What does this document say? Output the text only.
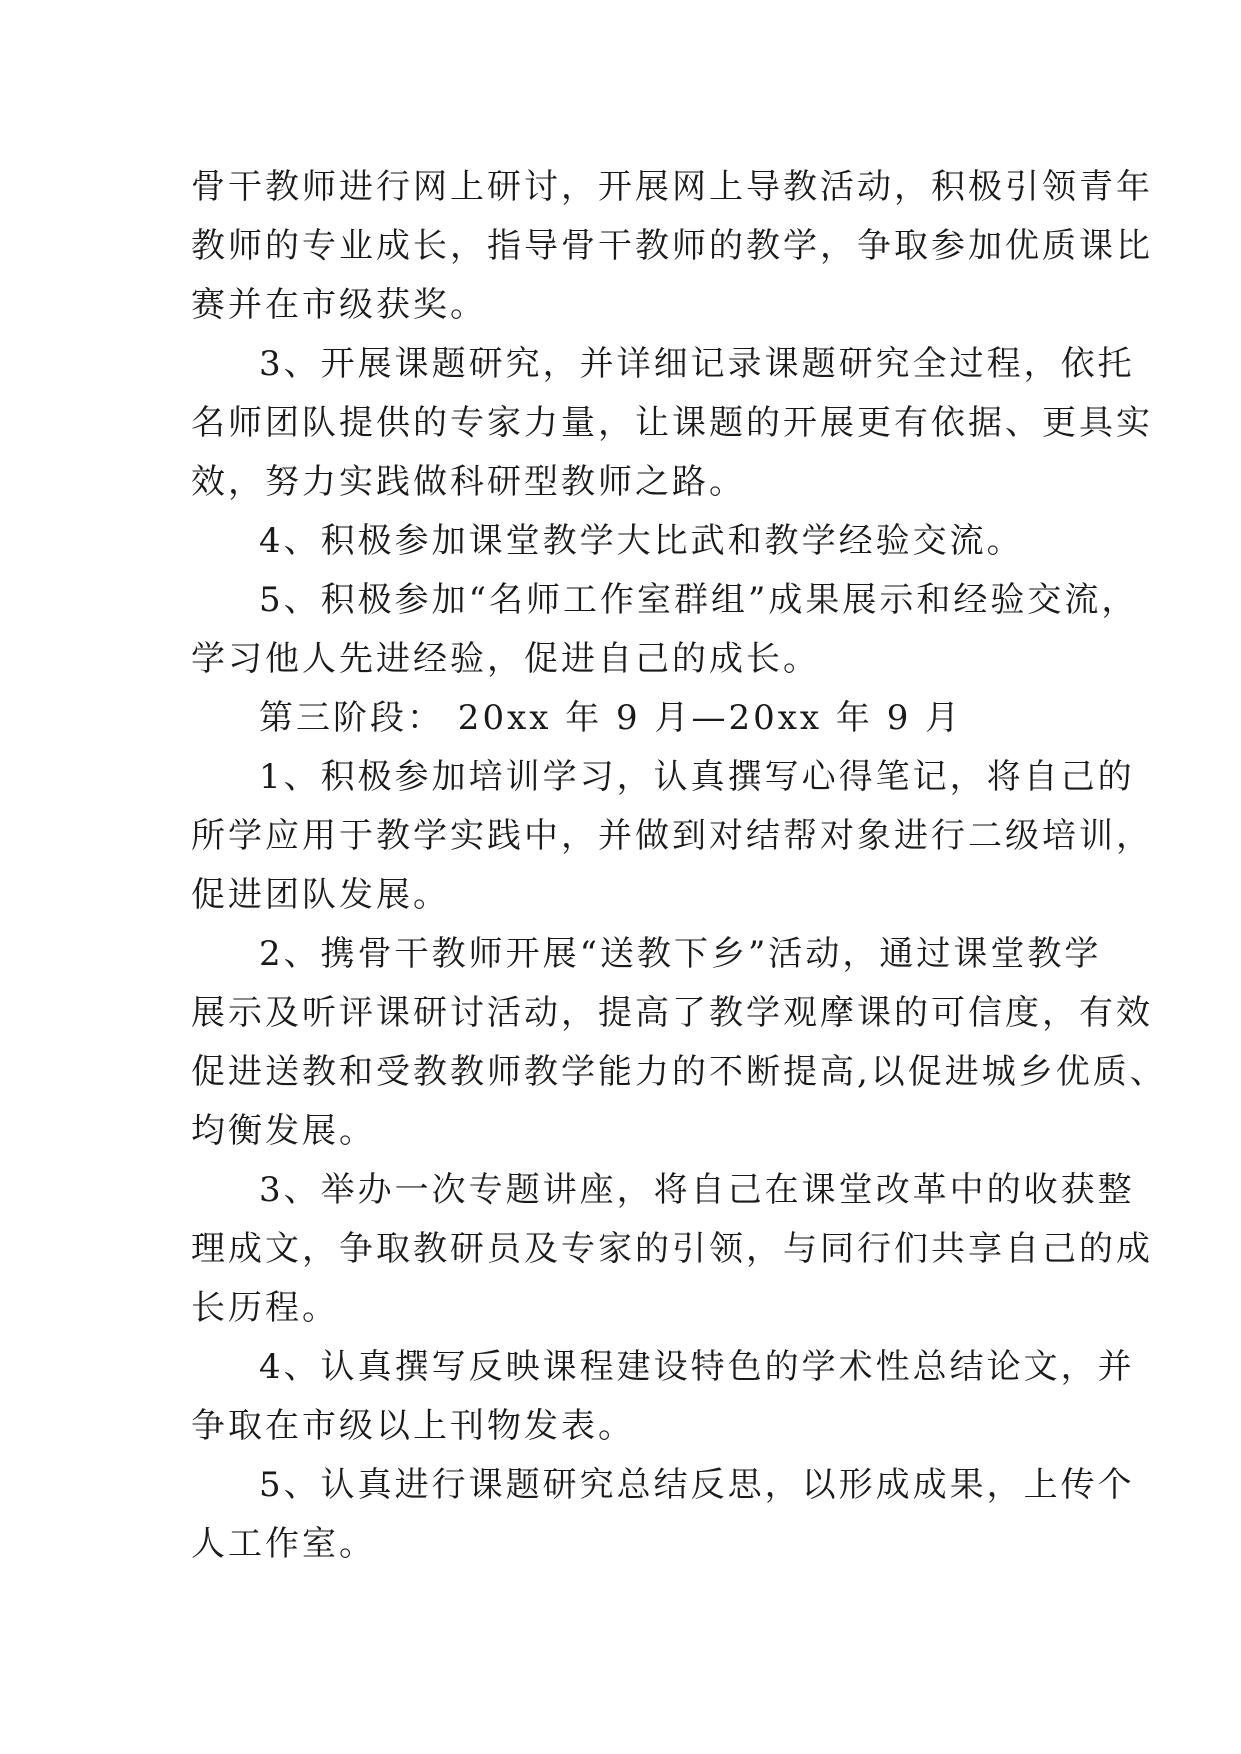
骨干教师进行网上研讨，开展网上导教活动，积极引领青年
教师的专业成长，指导骨干教师的教学，争取参加优质课比
赛并在市级获奖。
3、开展课题研究，并详细记录课题研究全过程，依托
名师团队提供的专家力量，让课题的开展更有依据、更具实
效，努力实践做科研型教师之路。
4、积极参加课堂教学大比武和教学经验交流。
5、积极参加“名师工作室群组”成果展示和经验交流，
学习他人先进经验，促进自己的成长。
第三阶段： 20xx 年 9 月—20xx 年 9 月
1、积极参加培训学习，认真撰写心得笔记，将自己的
所学应用于教学实践中，并做到对结帮对象进行二级培训，
促进团队发展。
2、携骨干教师开展“送教下乡”活动，通过课堂教学
展示及听评课研讨活动，提高了教学观摩课的可信度，有效
促进送教和受教教师教学能力的不断提高,以促进城乡优质、
均衡发展。
3、举办一次专题讲座，将自己在课堂改革中的收获整
理成文，争取教研员及专家的引领，与同行们共享自己的成
长历程。
4、认真撰写反映课程建设特色的学术性总结论文，并
争取在市级以上刊物发表。
5、认真进行课题研究总结反思，以形成成果，上传个
人工作室。
